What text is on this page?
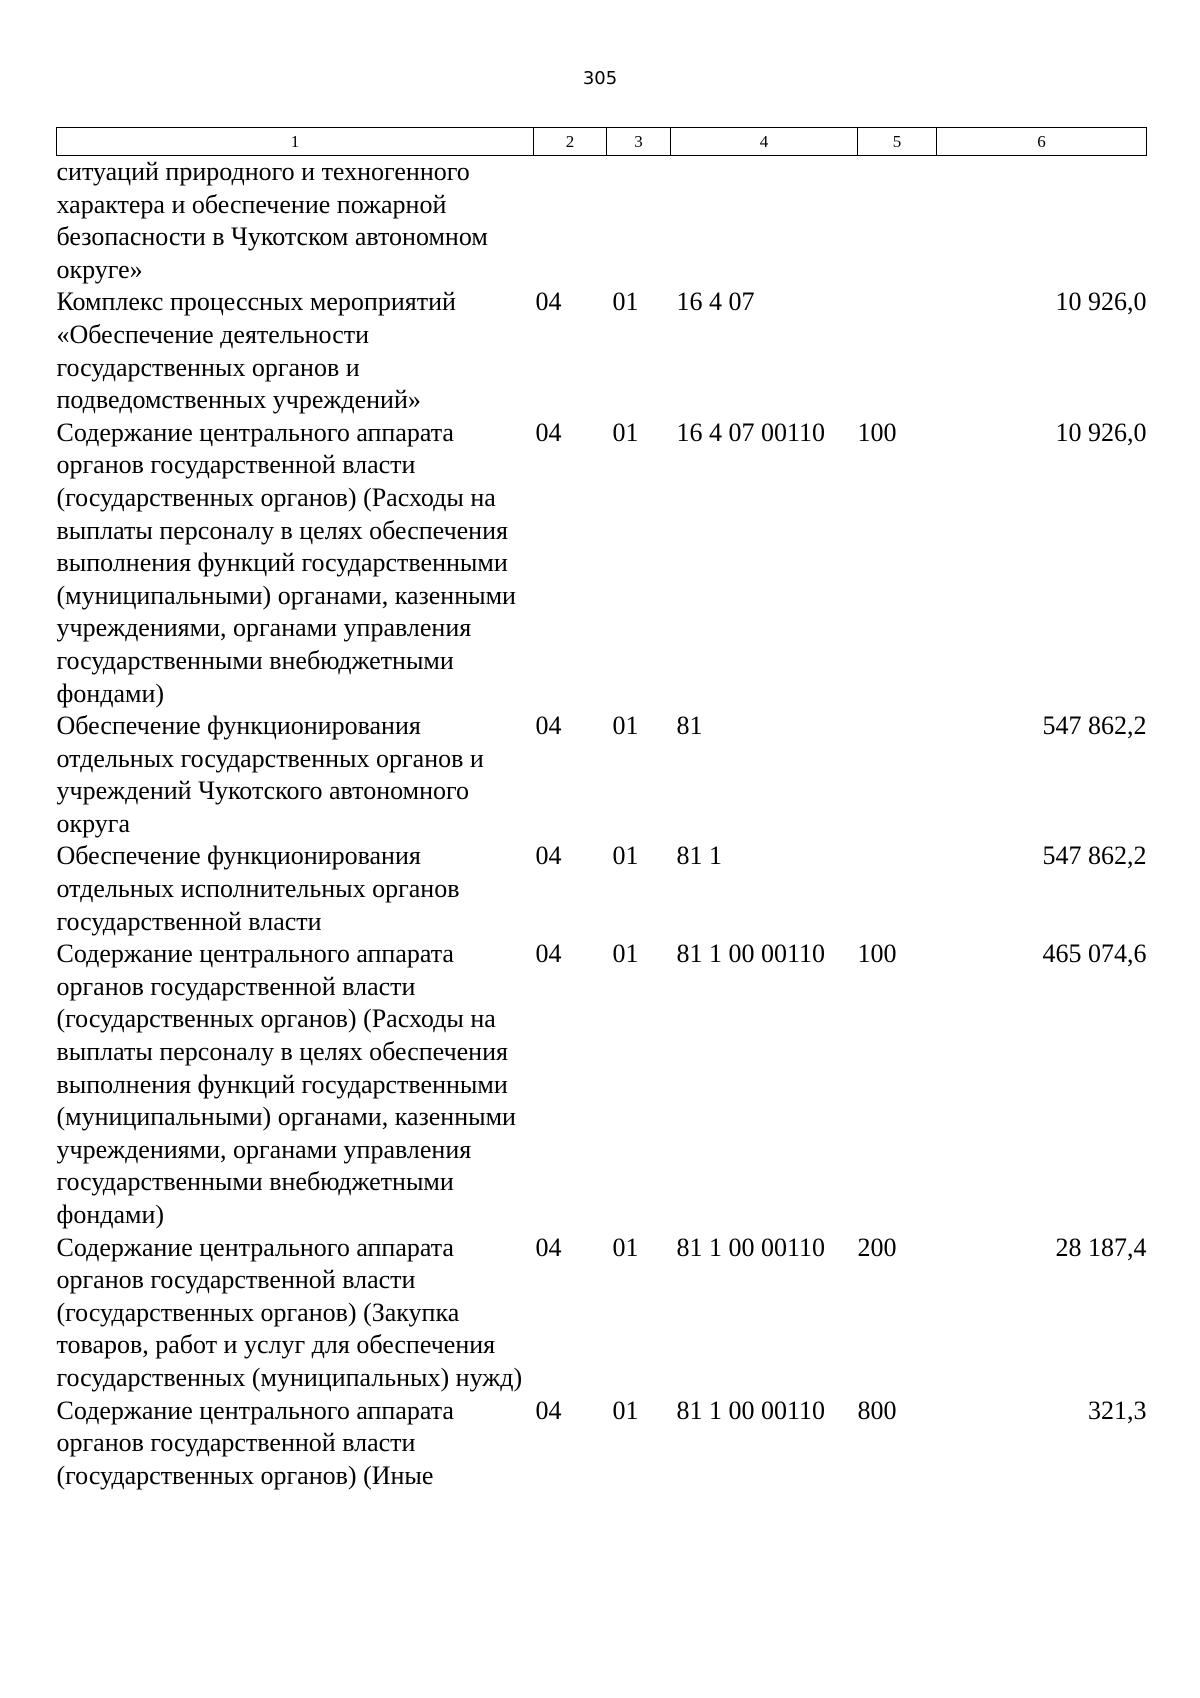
305
1	2	3	4	5	6
ситуаций природного и техногенного характера и обеспечение пожарной безопасности в Чукотском автономном округе»					
Комплекс процессных мероприятий «Обеспечение деятельности государственных органов и подведомственных учреждений»	04	01	16 4 07		10 926,0
Содержание центрального аппарата органов государственной власти (государственных органов) (Расходы на выплаты персоналу в целях обеспечения выполнения функций государственными (муниципальными) органами, казенными учреждениями, органами управления государственными внебюджетными фондами)	04	01	16 4 07 00110	100	10 926,0
Обеспечение функционирования отдельных государственных органов и учреждений Чукотского автономного округа	04	01	81		547 862,2
Обеспечение функционирования отдельных исполнительных органов государственной власти	04	01	81 1		547 862,2
Содержание центрального аппарата органов государственной власти (государственных органов) (Расходы на выплаты персоналу в целях обеспечения выполнения функций государственными (муниципальными) органами, казенными учреждениями, органами управления государственными внебюджетными фондами)	04	01	81 1 00 00110	100	465 074,6
Содержание центрального аппарата органов государственной власти (государственных органов) (Закупка товаров, работ и услуг для обеспечения государственных (муниципальных) нужд)	04	01	81 1 00 00110	200	28 187,4
Содержание центрального аппарата органов государственной власти (государственных органов) (Иные	04	01	81 1 00 00110	800	321,3
